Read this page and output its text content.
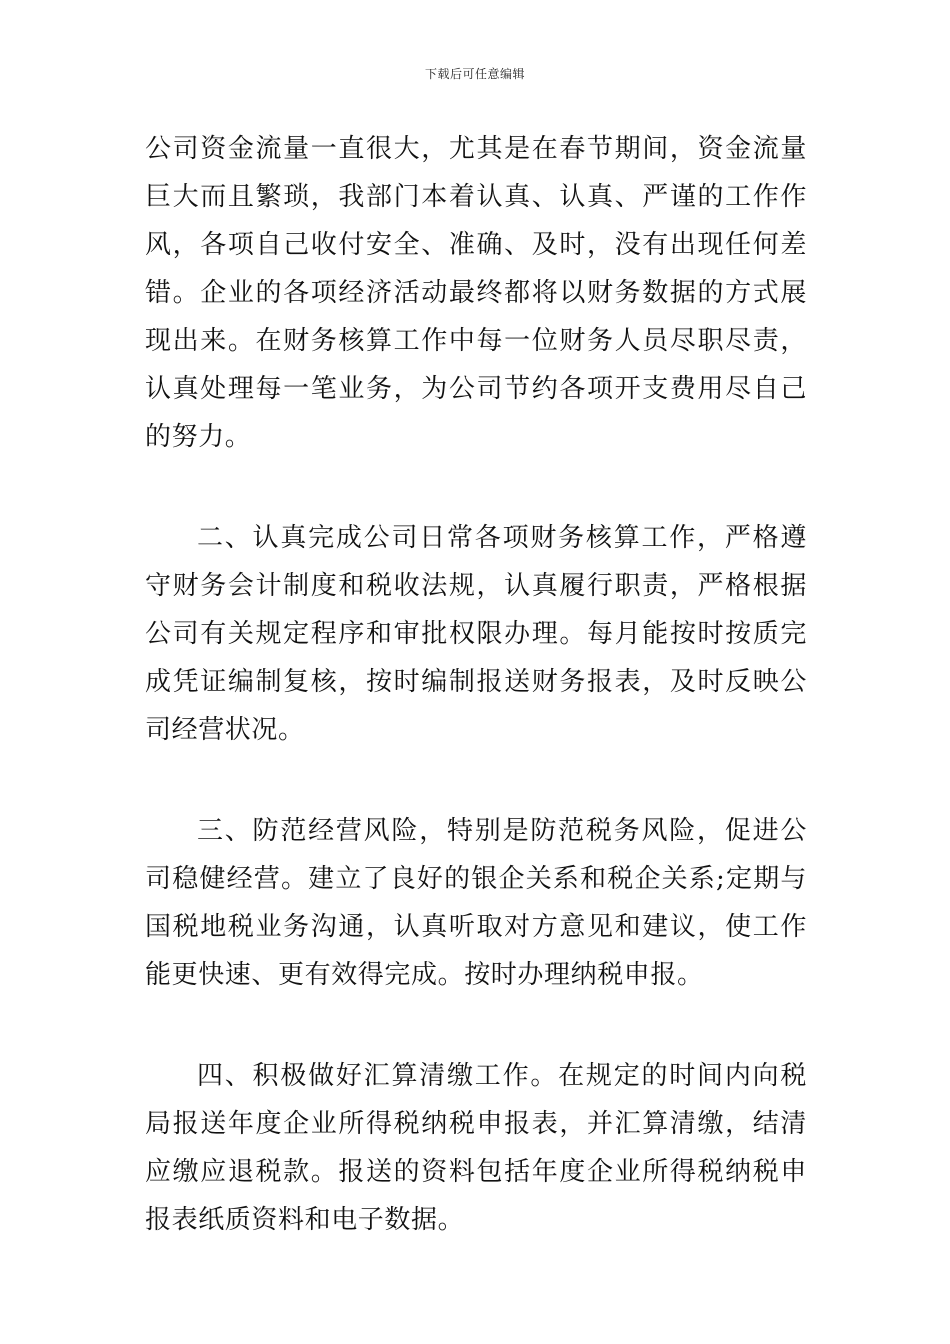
下载后可任意编辑

公司资金流量一直很大，尤其是在春节期间，资金流量巨大而且繁琐，我部门本着认真、认真、严谨的工作作风，各项自己收付安全、准确、及时，没有出现任何差错。企业的各项经济活动最终都将以财务数据的方式展现出来。在财务核算工作中每一位财务人员尽职尽责，认真处理每一笔业务，为公司节约各项开支费用尽自己的努力。

二、认真完成公司日常各项财务核算工作，严格遵守财务会计制度和税收法规，认真履行职责，严格根据公司有关规定程序和审批权限办理。每月能按时按质完成凭证编制复核，按时编制报送财务报表，及时反映公司经营状况。

三、防范经营风险，特别是防范税务风险，促进公司稳健经营。建立了良好的银企关系和税企关系;定期与国税地税业务沟通，认真听取对方意见和建议，使工作能更快速、更有效得完成。按时办理纳税申报。

四、积极做好汇算清缴工作。在规定的时间内向税局报送年度企业所得税纳税申报表，并汇算清缴，结清应缴应退税款。报送的资料包括年度企业所得税纳税申报表纸质资料和电子数据。
